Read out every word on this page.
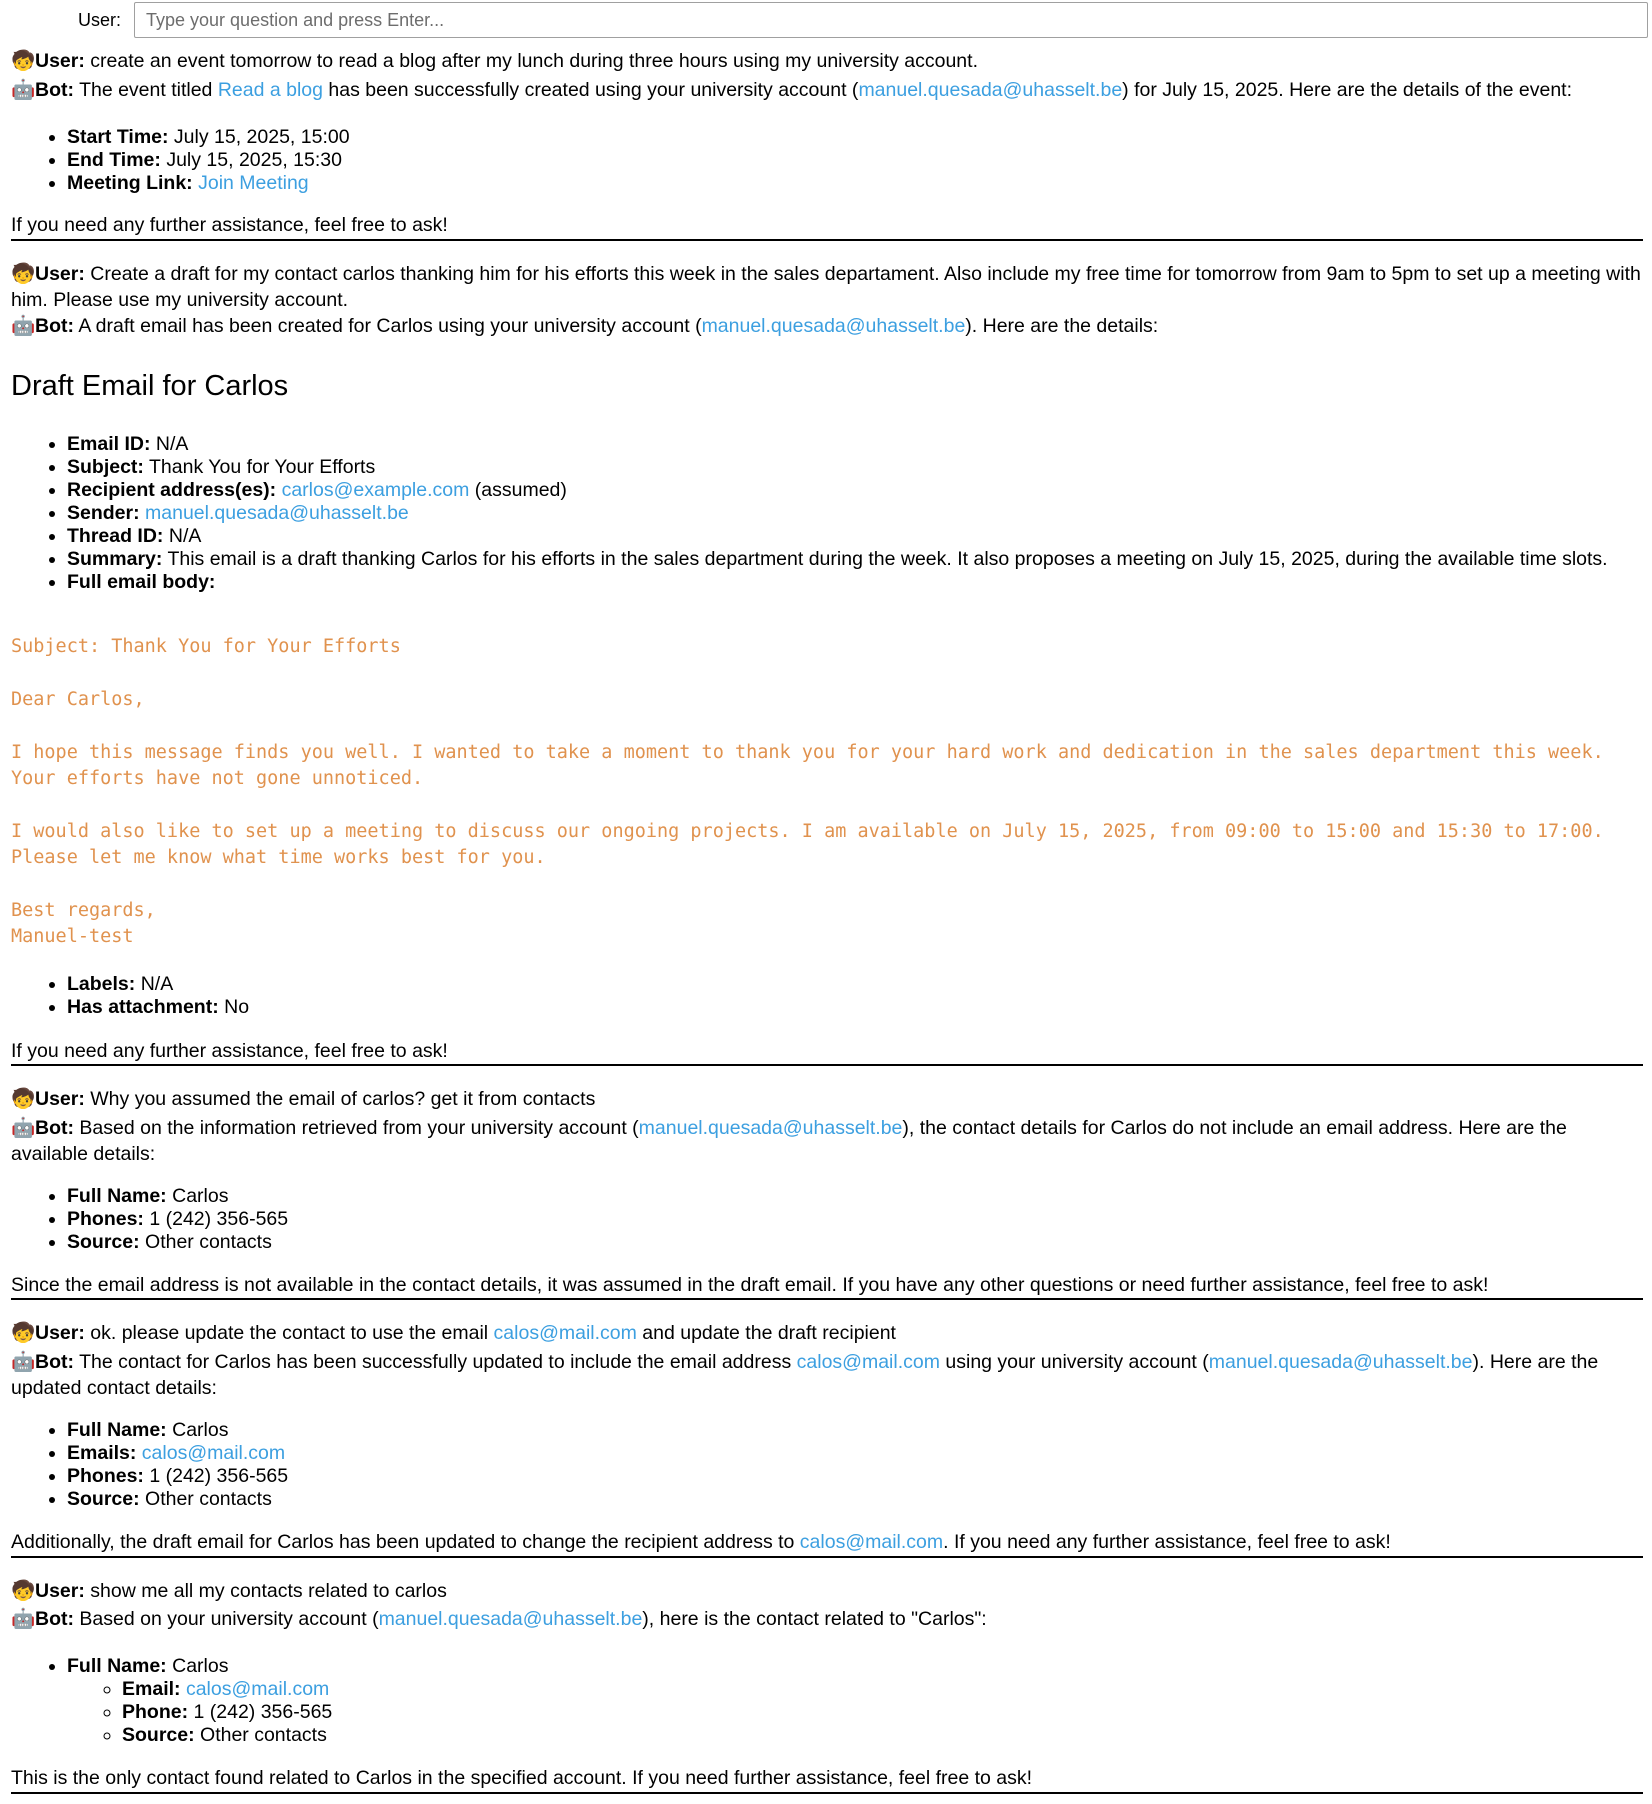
User:
Type your question and press Enter...
🧒User: create an event tomorrow to read a blog after my lunch during three hours using my university account.
🤖Bot: The event titled Read a blog has been successfully created using your university account (manuel.quesada@uhasselt.be) for July 15, 2025. Here are the details of the event:
• Start Time: July 15, 2025, 15:00
• End Time: July 15, 2025, 15:30
• Meeting Link: Join Meeting
If you need any further assistance, feel free to ask!
🧒User: Create a draft for my contact carlos thanking him for his efforts this week in the sales departament. Also include my free time for tomorrow from 9am to 5pm to set up a meeting with him. Please use my university account.
🤖Bot: A draft email has been created for Carlos using your university account (manuel.quesada@uhasselt.be). Here are the details:
Draft Email for Carlos
• Email ID: N/A
• Subject: Thank You for Your Efforts
• Recipient address(es): carlos@example.com (assumed)
• Sender: manuel.quesada@uhasselt.be
• Thread ID: N/A
• Summary: This email is a draft thanking Carlos for his efforts in the sales department during the week. It also proposes a meeting on July 15, 2025, during the available time slots.
• Full email body:
Subject: Thank You for Your Efforts

Dear Carlos,

I hope this message finds you well. I wanted to take a moment to thank you for your hard work and dedication in the sales department this week. Your efforts have not gone unnoticed.

I would also like to set up a meeting to discuss our ongoing projects. I am available on July 15, 2025, from 09:00 to 15:00 and 15:30 to 17:00. Please let me know what time works best for you.

Best regards,
Manuel-test
• Labels: N/A
• Has attachment: No
If you need any further assistance, feel free to ask!
🧒User: Why you assumed the email of carlos? get it from contacts
🤖Bot: Based on the information retrieved from your university account (manuel.quesada@uhasselt.be), the contact details for Carlos do not include an email address. Here are the available details:
• Full Name: Carlos
• Phones: 1 (242) 356-565
• Source: Other contacts
Since the email address is not available in the contact details, it was assumed in the draft email. If you have any other questions or need further assistance, feel free to ask!
🧒User: ok. please update the contact to use the email calos@mail.com and update the draft recipient
🤖Bot: The contact for Carlos has been successfully updated to include the email address calos@mail.com using your university account (manuel.quesada@uhasselt.be). Here are the updated contact details:
• Full Name: Carlos
• Emails: calos@mail.com
• Phones: 1 (242) 356-565
• Source: Other contacts
Additionally, the draft email for Carlos has been updated to change the recipient address to calos@mail.com. If you need any further assistance, feel free to ask!
🧒User: show me all my contacts related to carlos
🤖Bot: Based on your university account (manuel.quesada@uhasselt.be), here is the contact related to "Carlos":
• Full Name: Carlos
◦ Email: calos@mail.com
◦ Phone: 1 (242) 356-565
◦ Source: Other contacts
This is the only contact found related to Carlos in the specified account. If you need further assistance, feel free to ask!
